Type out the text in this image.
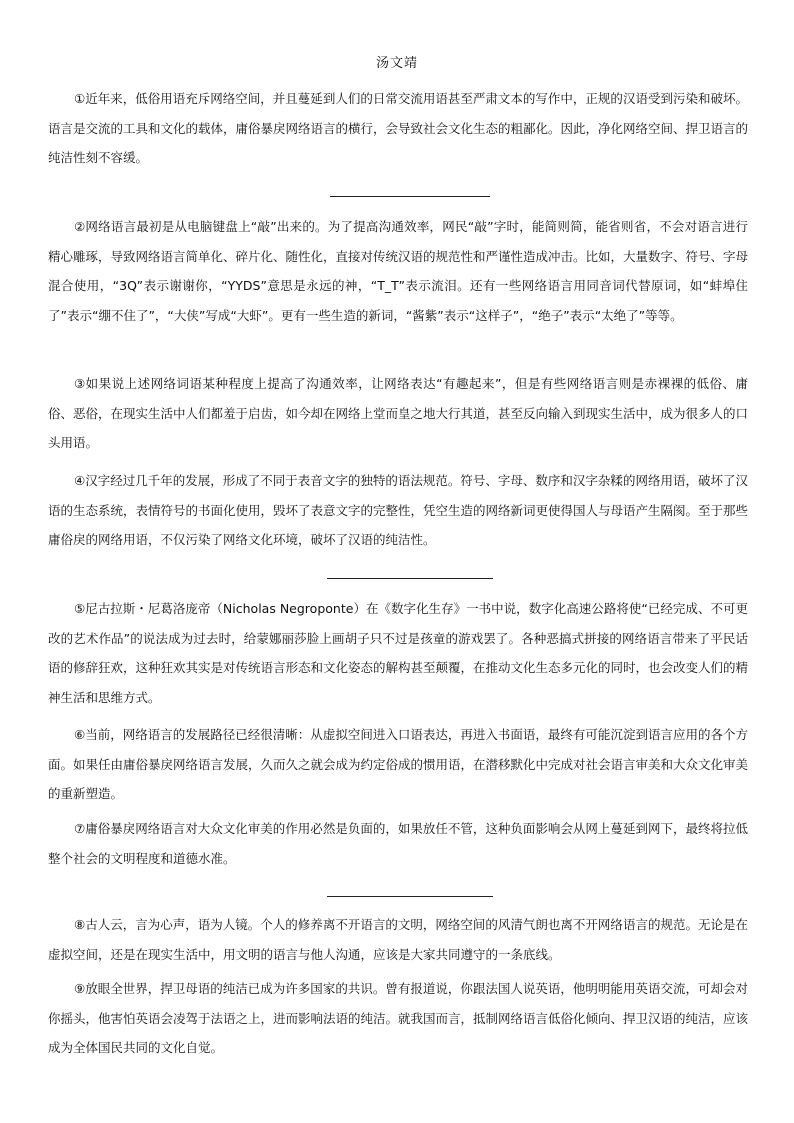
汤文靖

①近年来，低俗用语充斥网络空间，并且蔓延到人们的日常交流用语甚至严肃文本的写作中，正规的汉语受到污染和破坏。语言是交流的工具和文化的载体，庸俗暴戾网络语言的横行，会导致社会文化生态的粗鄙化。因此，净化网络空间、捍卫语言的纯洁性刻不容缓。

②网络语言最初是从电脑键盘上“敲”出来的。为了提高沟通效率，网民“敲”字时，能简则简，能省则省，不会对语言进行精心雕琢，导致网络语言简单化、碎片化、随性化，直接对传统汉语的规范性和严谨性造成冲击。比如，大量数字、符号、字母混合使用，“3Q”表示谢谢你，“YYDS”意思是永远的神，“T_T”表示流泪。还有一些网络语言用同音词代替原词，如“蚌埠住了”表示“绷不住了”，“大侠”写成“大虾”。更有一些生造的新词，“酱紫”表示“这样子”，“绝子”表示“太绝了”等等。

③如果说上述网络词语某种程度上提高了沟通效率，让网络表达“有趣起来”，但是有些网络语言则是赤裸裸的低俗、庸俗、恶俗，在现实生活中人们都羞于启齿，如今却在网络上堂而皇之地大行其道，甚至反向输入到现实生活中，成为很多人的口头用语。

④汉字经过几千年的发展，形成了不同于表音文字的独特的语法规范。符号、字母、数序和汉字杂糅的网络用语，破坏了汉语的生态系统，表情符号的书面化使用，毁坏了表意文字的完整性，凭空生造的网络新词更使得国人与母语产生隔阂。至于那些庸俗戾的网络用语，不仅污染了网络文化环境，破坏了汉语的纯洁性。

⑤尼古拉斯・尼葛洛庞帝（Nicholas Negroponte）在《数字化生存》一书中说，数字化高速公路将使“已经完成、不可更改的艺术作品”的说法成为过去时，给蒙娜丽莎脸上画胡子只不过是孩童的游戏罢了。各种恶搞式拼接的网络语言带来了平民话语的修辞狂欢，这种狂欢其实是对传统语言形态和文化姿态的解构甚至颠覆，在推动文化生态多元化的同时，也会改变人们的精神生活和思维方式。

⑥当前，网络语言的发展路径已经很清晰：从虚拟空间进入口语表达，再进入书面语，最终有可能沉淀到语言应用的各个方面。如果任由庸俗暴戾网络语言发展，久而久之就会成为约定俗成的惯用语，在潜移默化中完成对社会语言审美和大众文化审美的重新塑造。

⑦庸俗暴戾网络语言对大众文化审美的作用必然是负面的，如果放任不管，这种负面影响会从网上蔓延到网下，最终将拉低整个社会的文明程度和道德水准。

⑧古人云，言为心声，语为人镜。个人的修养离不开语言的文明，网络空间的风清气朗也离不开网络语言的规范。无论是在虚拟空间，还是在现实生活中，用文明的语言与他人沟通，应该是大家共同遵守的一条底线。

⑨放眼全世界，捍卫母语的纯洁已成为许多国家的共识。曾有报道说，你跟法国人说英语，他明明能用英语交流，可却会对你摇头，他害怕英语会凌驾于法语之上，进而影响法语的纯洁。就我国而言，抵制网络语言低俗化倾向、捍卫汉语的纯洁，应该成为全体国民共同的文化自觉。
